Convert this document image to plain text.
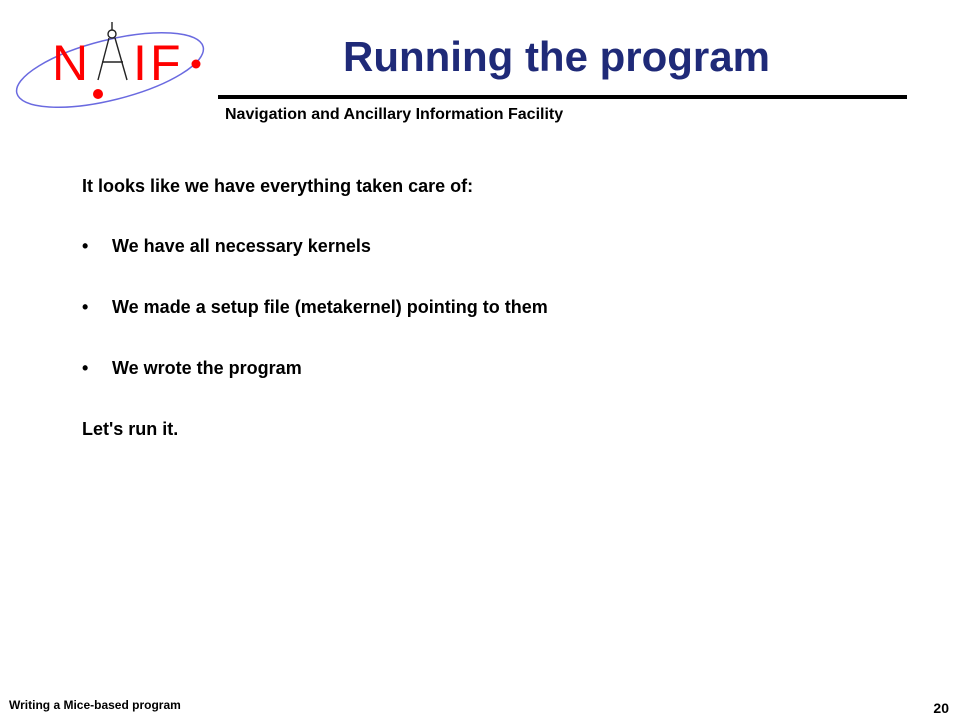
N I F	Running the program
Navigation and Ancillary Information Facility
It looks like we have everything taken care of:
• We have all necessary kernels
• We made a setup file (metakernel) pointing to them
• We wrote the program
Let's run it.
Writing a Mice-based program	20
